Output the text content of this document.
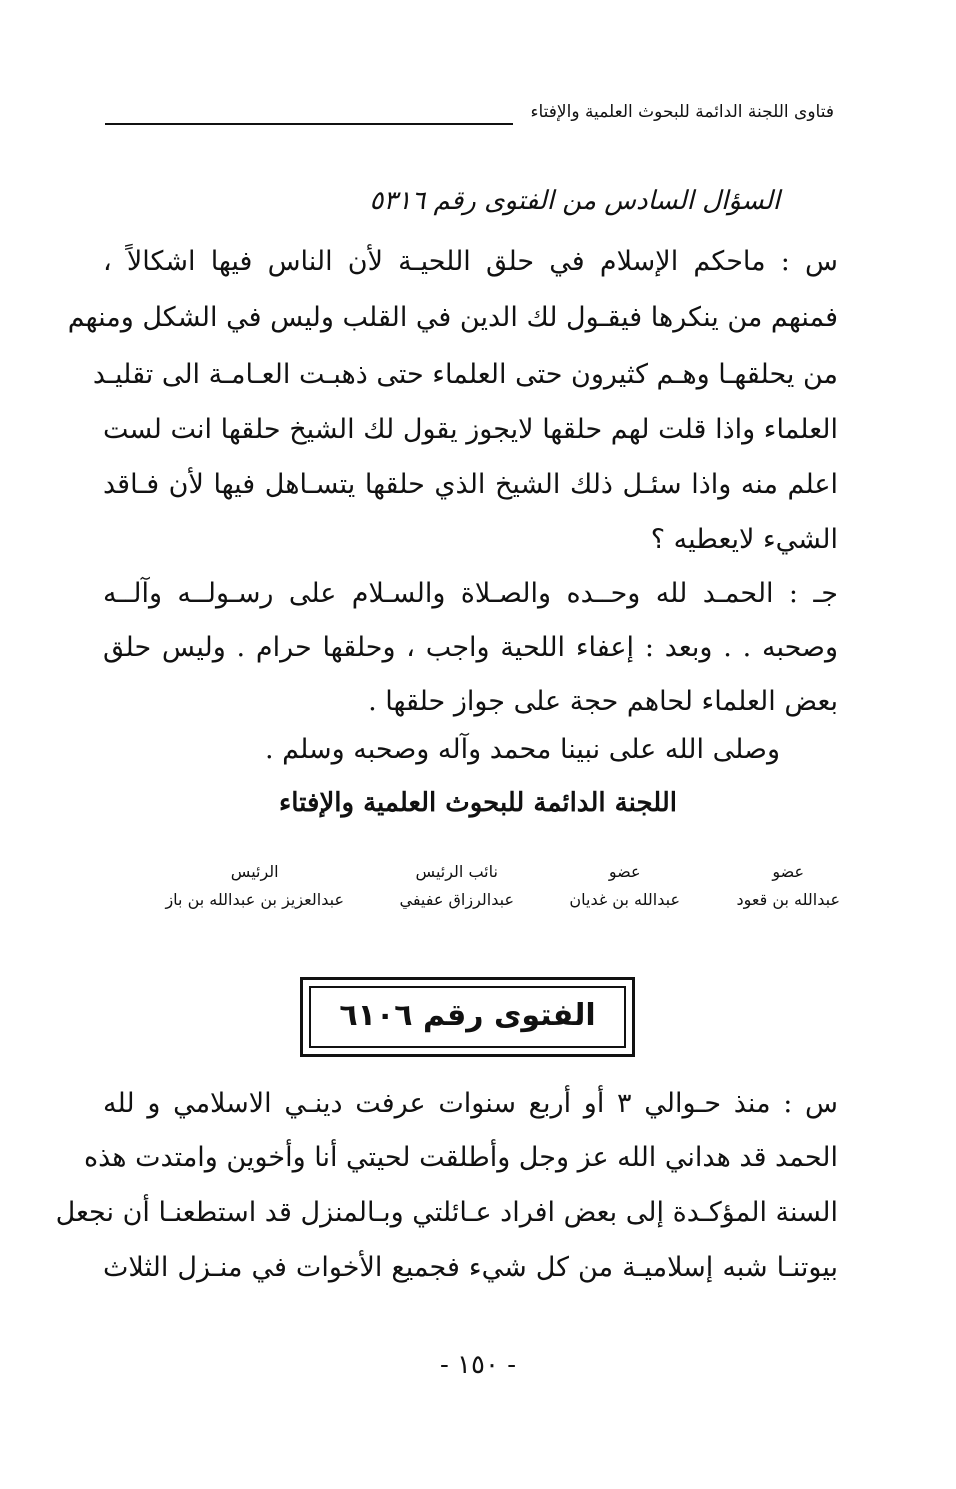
فتاوى اللجنة الدائمة للبحوث العلمية والإفتاء
السؤال السادس من الفتوى رقم ٥٣١٦
س : ماحكم الإسلام في حلق اللحيـة لأن الناس فيها اشكالاً ،
فمنهم من ينكرها فيقـول لك الدين في القلب وليس في الشكل ومنهم
من يحلقهـا وهـم كثيرون حتى العلماء حتى ذهبـت العـامـة الى تقليـد
العلماء واذا قلت لهم حلقها لايجوز يقول لك الشيخ حلقها انت لست
اعلم منه واذا سئـل ذلك الشيخ الذي حلقها يتسـاهل فيها لأن فـاقد
الشيء لايعطيه ؟
جـ : الحمـد لله وحــده والصـلاة والسـلام على رسـولــه وآلــه
وصحبه . . وبعد : إعفاء اللحية واجب ، وحلقها حرام . وليس حلق
بعض العلماء لحاهم حجة على جواز حلقها .
وصلى الله على نبينا محمد وآله وصحبه وسلم .
اللجنة الدائمة للبحوث العلمية والإفتاء
عضو
عبدالله بن قعود
عضو
عبدالله بن غديان
نائب الرئيس
عبدالرزاق عفيفي
الرئيس
عبدالعزيز بن عبدالله بن باز
الفتوى رقم ٦١٠٦
س : منذ حـوالي ٣ أو أربع سنوات عرفت دينـي الاسلامي و لله
الحمد قد هداني الله عز وجل وأطلقت لحيتي أنا وأخوين وامتدت هذه
السنة المؤكـدة إلى بعض افراد عـائلتي وبـالمنزل قد استطعنـا أن نجعل
بيوتنـا شبه إسلاميـة من كل شيء فجميع الأخوات في منـزل الثلاث
- ١٥٠ -
